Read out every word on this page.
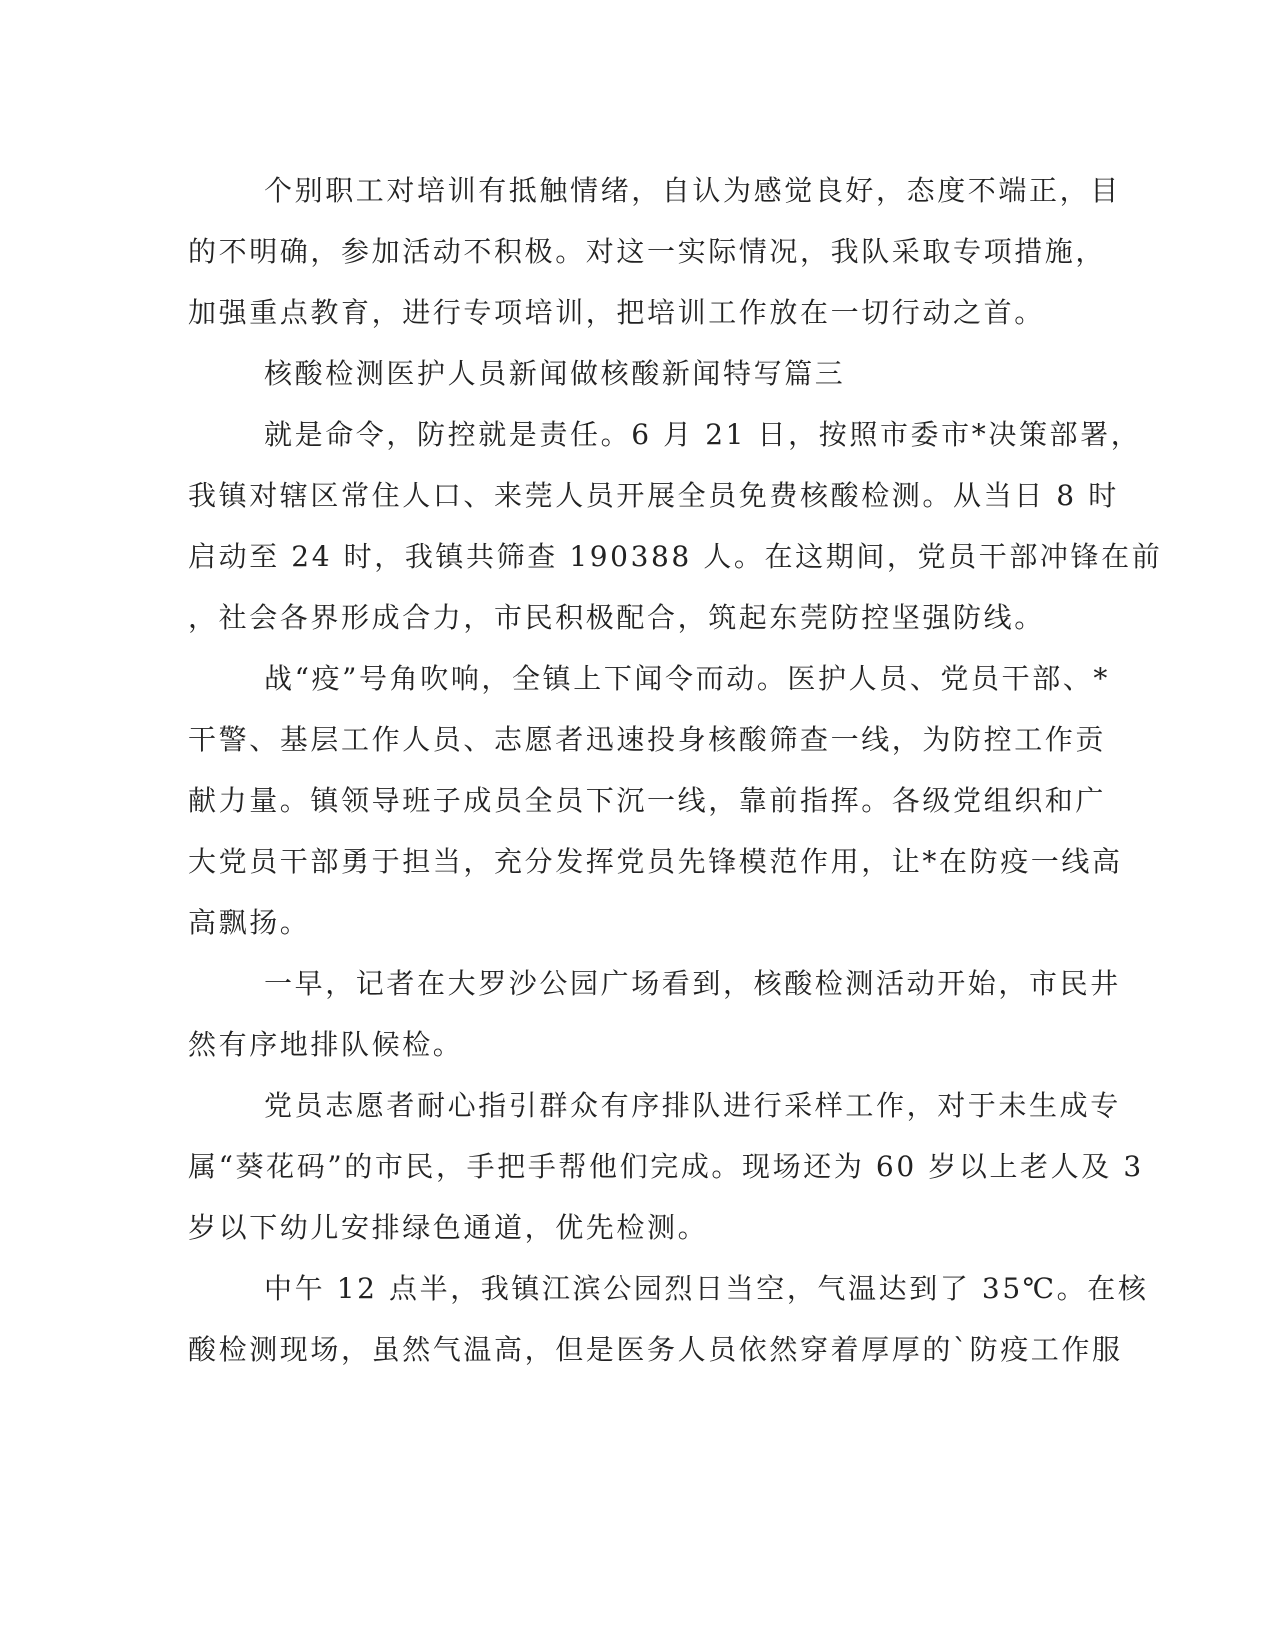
个别职工对培训有抵触情绪，自认为感觉良好，态度不端正，目
的不明确，参加活动不积极。对这一实际情况，我队采取专项措施，
加强重点教育，进行专项培训，把培训工作放在一切行动之首。
核酸检测医护人员新闻做核酸新闻特写篇三
就是命令，防控就是责任。6 月 21 日，按照市委市*决策部署，
我镇对辖区常住人口、来莞人员开展全员免费核酸检测。从当日 8 时
启动至 24 时，我镇共筛查 190388 人。在这期间，党员干部冲锋在前
，社会各界形成合力，市民积极配合，筑起东莞防控坚强防线。
战“疫”号角吹响，全镇上下闻令而动。医护人员、党员干部、*
干警、基层工作人员、志愿者迅速投身核酸筛查一线，为防控工作贡
献力量。镇领导班子成员全员下沉一线，靠前指挥。各级党组织和广
大党员干部勇于担当，充分发挥党员先锋模范作用，让*在防疫一线高
高飘扬。
一早，记者在大罗沙公园广场看到，核酸检测活动开始，市民井
然有序地排队候检。
党员志愿者耐心指引群众有序排队进行采样工作，对于未生成专
属“葵花码”的市民，手把手帮他们完成。现场还为 60 岁以上老人及 3
岁以下幼儿安排绿色通道，优先检测。
中午 12 点半，我镇江滨公园烈日当空，气温达到了 35℃。在核
酸检测现场，虽然气温高，但是医务人员依然穿着厚厚的`防疫工作服
